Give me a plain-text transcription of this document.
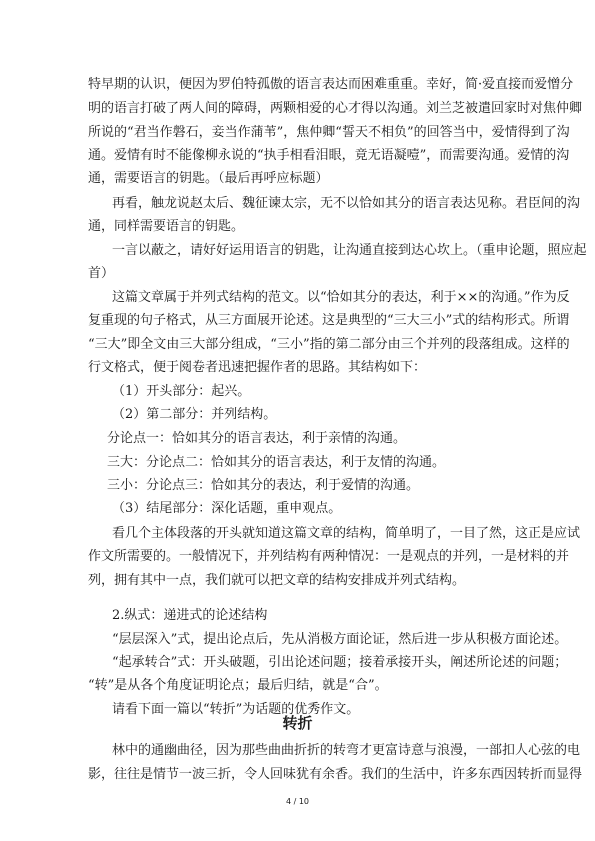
特早期的认识，便因为罗伯特孤傲的语言表达而困难重重。幸好，简·爱直接而爱憎分
明的语言打破了两人间的障碍，两颗相爱的心才得以沟通。刘兰芝被遣回家时对焦仲卿
所说的“君当作磐石，妾当作蒲苇”，焦仲卿“誓天不相负”的回答当中，爱情得到了沟
通。爱情有时不能像柳永说的“执手相看泪眼，竟无语凝噎”，而需要沟通。爱情的沟
通，需要语言的钥匙。（最后再呼应标题）
再看，触龙说赵太后、魏征谏太宗，无不以恰如其分的语言表达见称。君臣间的沟
通，同样需要语言的钥匙。
一言以蔽之，请好好运用语言的钥匙，让沟通直接到达心坎上。（重申论题，照应起
首）
这篇文章属于并列式结构的范文。以“恰如其分的表达，利于××的沟通。”作为反
复重现的句子格式，从三方面展开论述。这是典型的“三大三小”式的结构形式。所谓
“三大”即全文由三大部分组成，“三小”指的第二部分由三个并列的段落组成。这样的
行文格式，便于阅卷者迅速把握作者的思路。其结构如下：
（1）开头部分：起兴。
（2）第二部分：并列结构。
分论点一：恰如其分的语言表达，利于亲情的沟通。
三大：分论点二：恰如其分的语言表达，利于友情的沟通。
三小：分论点三：恰如其分的表达，利于爱情的沟通。
（3）结尾部分：深化话题，重申观点。
看几个主体段落的开头就知道这篇文章的结构，简单明了，一目了然，这正是应试
作文所需要的。一般情况下，并列结构有两种情况：一是观点的并列，一是材料的并
列，拥有其中一点，我们就可以把文章的结构安排成并列式结构。
2.纵式：递进式的论述结构
“层层深入”式，提出论点后，先从消极方面论证，然后进一步从积极方面论述。
“起承转合”式：开头破题，引出论述问题；接着承接开头，阐述所论述的问题；
“转”是从各个角度证明论点；最后归结，就是“合”。
请看下面一篇以“转折”为话题的优秀作文。
转折
林中的通幽曲径，因为那些曲曲折折的转弯才更富诗意与浪漫，一部扣人心弦的电
影，往往是情节一波三折，令人回味犹有余香。我们的生活中，许多东西因转折而显得
4 / 10
